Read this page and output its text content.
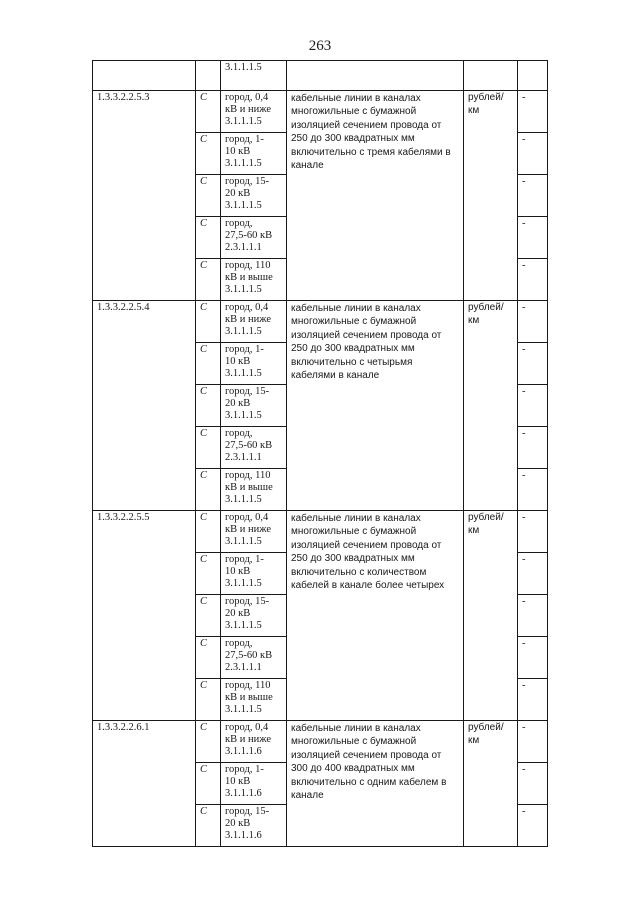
263

		3.1.1.1.5			

1.3.3.2.2.5.3	С	город, 0,4
кВ и ниже
3.1.1.1.5	кабельные линии в каналах многожильные с бумажной изоляцией сечением провода от 250 до 300 квадратных мм включительно с тремя кабелями в канале	рублей/ км	-
	С	город, 1-
10 кВ
3.1.1.1.5			-
	С	город, 15-
20 кВ
3.1.1.1.5			-
	С	город,
27,5-60 кВ
2.3.1.1.1			-
	С	город, 110
кВ и выше
3.1.1.1.5			-
1.3.3.2.2.5.4	С	город, 0,4
кВ и ниже
3.1.1.1.5	кабельные линии в каналах многожильные с бумажной изоляцией сечением провода от 250 до 300 квадратных мм включительно с четырьмя кабелями в канале	рублей/ км	-
	С	город, 1-
10 кВ
3.1.1.1.5			-
	С	город, 15-
20 кВ
3.1.1.1.5			-
	С	город,
27,5-60 кВ
2.3.1.1.1			-
	С	город, 110
кВ и выше
3.1.1.1.5			-
1.3.3.2.2.5.5	С	город, 0,4
кВ и ниже
3.1.1.1.5	кабельные линии в каналах многожильные с бумажной изоляцией сечением провода от 250 до 300 квадратных мм включительно с количеством кабелей в канале более четырех	рублей/ км	-
	С	город, 1-
10 кВ
3.1.1.1.5			-
	С	город, 15-
20 кВ
3.1.1.1.5			-
	С	город,
27,5-60 кВ
2.3.1.1.1			-
	С	город, 110
кВ и выше
3.1.1.1.5			-
1.3.3.2.2.6.1	С	город, 0,4
кВ и ниже
3.1.1.1.6	кабельные линии в каналах многожильные с бумажной изоляцией сечением провода от 300 до 400 квадратных мм включительно с одним кабелем в канале	рублей/ км	-
	С	город, 1-
10 кВ
3.1.1.1.6			-
	С	город, 15-
20 кВ
3.1.1.1.6			-
